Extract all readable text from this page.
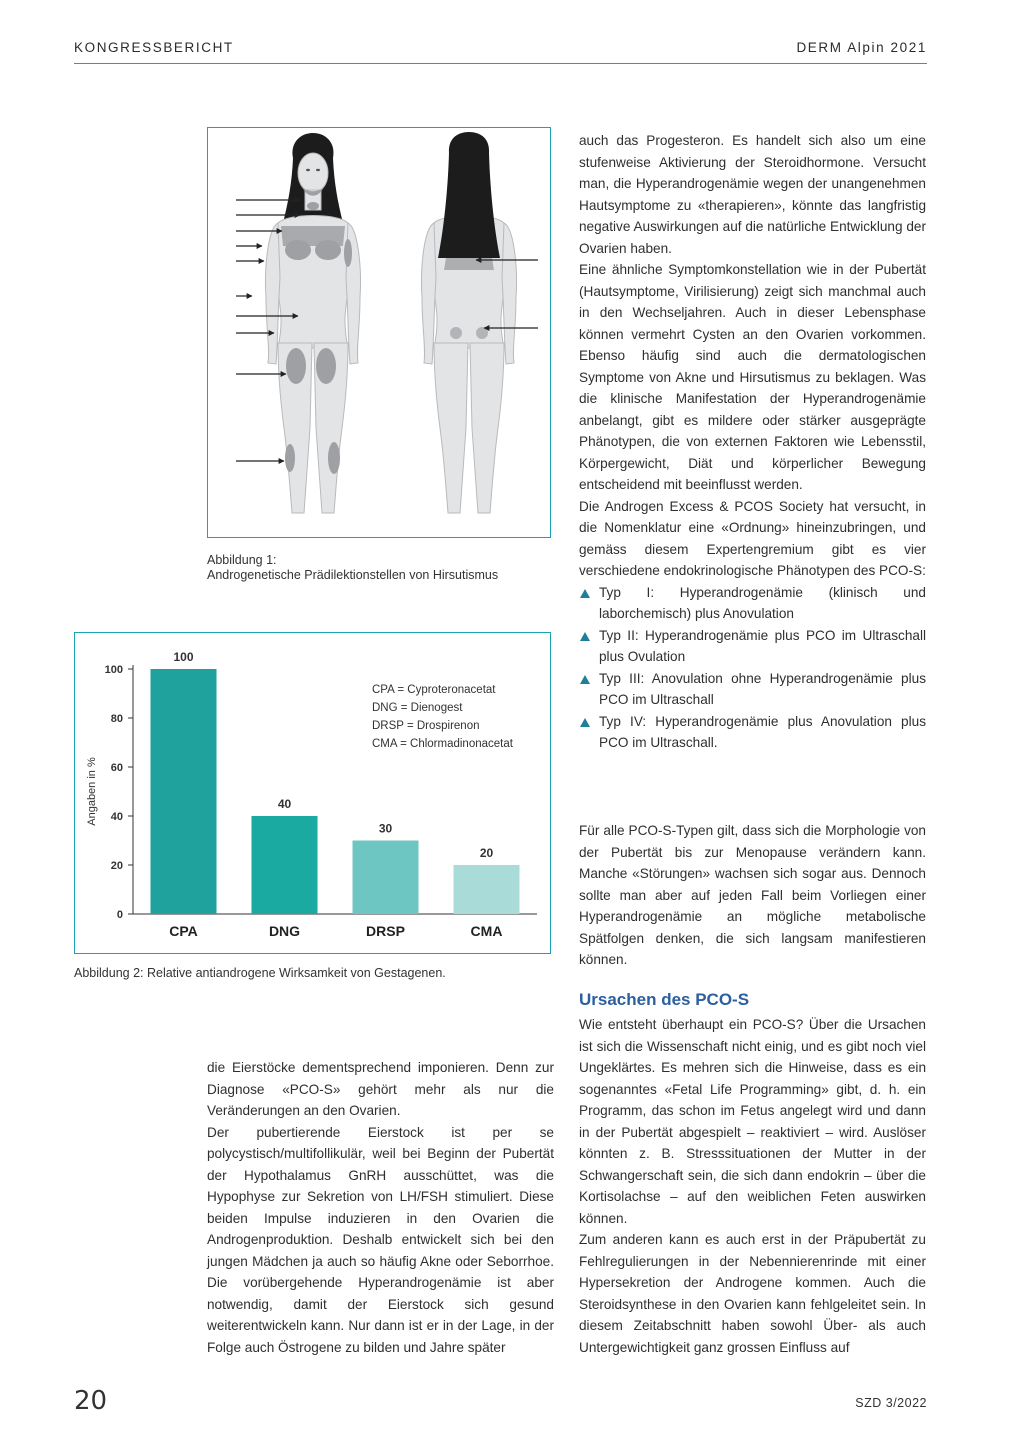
KONGRESSBERICHT	DERM Alpin 2021
Abbildung 1:
Androgenetische Prädilektionstellen von Hirsutismus
0
20
40
60
80
100
Angaben in %
100
CPA
40
DNG
30
DRSP
20
CMA
CPA = Cyproteronacetat
DNG = Dienogest
DRSP = Drospirenon
CMA = Chlormadinonacetat
Abbildung 2: Relative antiandrogene Wirksamkeit von Gestagenen.

auch das Progesteron. Es handelt sich also um eine stufenweise Aktivierung der Steroidhormone. Versucht man, die Hyperandrogenämie wegen der unangenehmen Hautsymptome zu «therapieren», könnte das langfristig negative Auswirkungen auf die natürliche Entwicklung der Ovarien haben.

Eine ähnliche Symptomkonstellation wie in der Pubertät (Hautsymptome, Virilisierung) zeigt sich manchmal auch in den Wechseljahren. Auch in dieser Lebensphase können vermehrt Cysten an den Ovarien vorkommen. Ebenso häufig sind auch die dermatologischen Symptome von Akne und Hirsutismus zu beklagen. Was die klinische Manifestation der Hyperandrogenämie anbelangt, gibt es mildere oder stärker ausgeprägte Phänotypen, die von externen Faktoren wie Lebensstil, Körpergewicht, Diät und körperlicher Bewegung entscheidend mit beeinflusst werden.

Die Androgen Excess & PCOS Society hat versucht, in die Nomenklatur eine «Ordnung» hineinzubringen, und gemäss diesem Expertengremium gibt es vier verschiedene endokrinologische Phänotypen des PCO-S:

Typ I: Hyperandrogenämie (klinisch und laborchemisch) plus Anovulation
Typ II: Hyperandrogenämie plus PCO im Ultraschall plus Ovulation
Typ III: Anovulation ohne Hyperandrogenämie plus PCO im Ultraschall
Typ IV: Hyperandrogenämie plus Anovulation plus PCO im Ultraschall.

Für alle PCO-S-Typen gilt, dass sich die Morphologie von der Pubertät bis zur Menopause verändern kann. Manche «Störungen» wachsen sich sogar aus. Dennoch sollte man aber auf jeden Fall beim Vorliegen einer Hyperandrogenämie an mögliche metabolische Spätfolgen denken, die sich langsam manifestieren können.

Ursachen des PCO-S

Wie entsteht überhaupt ein PCO-S? Über die Ursachen ist sich die Wissenschaft nicht einig, und es gibt noch viel Ungeklärtes. Es mehren sich die Hinweise, dass es ein sogenanntes «Fetal Life Programming» gibt, d. h. ein Programm, das schon im Fetus angelegt wird und dann in der Pubertät abgespielt – reaktiviert – wird. Auslöser könnten z. B. Stresssituationen der Mutter in der Schwangerschaft sein, die sich dann endokrin – über die Kortisolachse – auf den weiblichen Feten auswirken können.

Zum anderen kann es auch erst in der Präpubertät zu Fehlregulierungen in der Nebennierenrinde mit einer Hypersekretion der Androgene kommen. Auch die Steroidsynthese in den Ovarien kann fehlgeleitet sein. In diesem Zeitabschnitt haben sowohl Über- als auch Untergewichtigkeit ganz grossen Einfluss auf

die Eierstöcke dementsprechend imponieren. Denn zur Diagnose «PCO-S» gehört mehr als nur die Veränderungen an den Ovarien.

Der pubertierende Eierstock ist per se polycystisch/multifollikulär, weil bei Beginn der Pubertät der Hypothalamus GnRH ausschüttet, was die Hypophyse zur Sekretion von LH/FSH stimuliert. Diese beiden Impulse induzieren in den Ovarien die Androgenproduktion. Deshalb entwickelt sich bei den jungen Mädchen ja auch so häufig Akne oder Seborrhoe. Die vorübergehende Hyperandrogenämie ist aber notwendig, damit der Eierstock sich gesund weiterentwickeln kann. Nur dann ist er in der Lage, in der Folge auch Östrogene zu bilden und Jahre später

20	SZD 3/2022
